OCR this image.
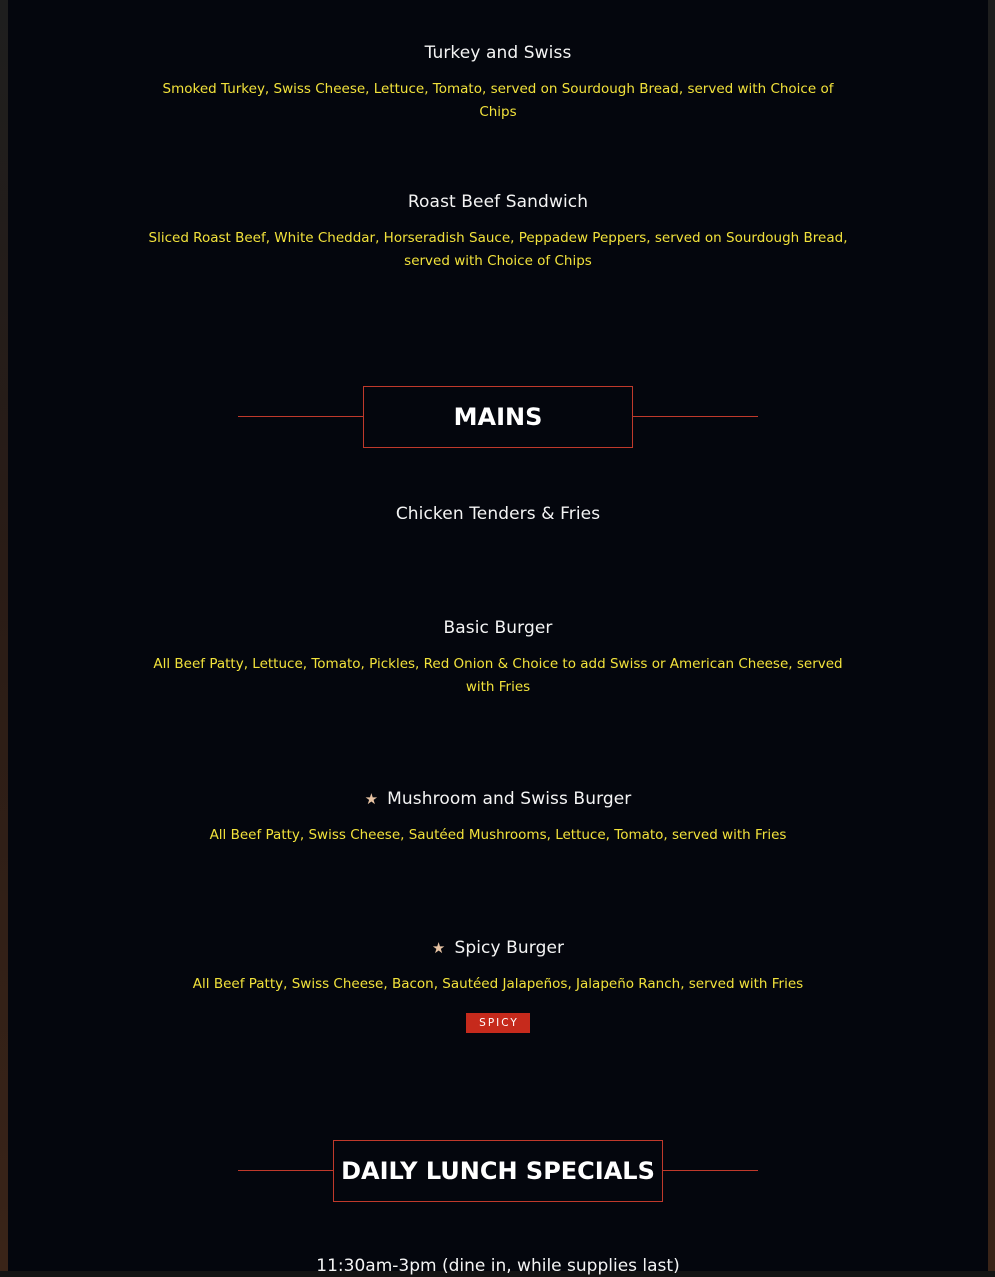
Turkey and Swiss
Smoked Turkey, Swiss Cheese, Lettuce, Tomato, served on Sourdough Bread, served with Choice of Chips
Roast Beef Sandwich
Sliced Roast Beef, White Cheddar, Horseradish Sauce, Peppadew Peppers, served on Sourdough Bread, served with Choice of Chips
MAINS
Chicken Tenders & Fries
Basic Burger
All Beef Patty, Lettuce, Tomato, Pickles, Red Onion & Choice to add Swiss or American Cheese, served with Fries
★ Mushroom and Swiss Burger
All Beef Patty, Swiss Cheese, Sautéed Mushrooms, Lettuce, Tomato, served with Fries
★ Spicy Burger
All Beef Patty, Swiss Cheese, Bacon, Sautéed Jalapeños, Jalapeño Ranch, served with Fries
SPICY
DAILY LUNCH SPECIALS
11:30am-3pm (dine in, while supplies last)
